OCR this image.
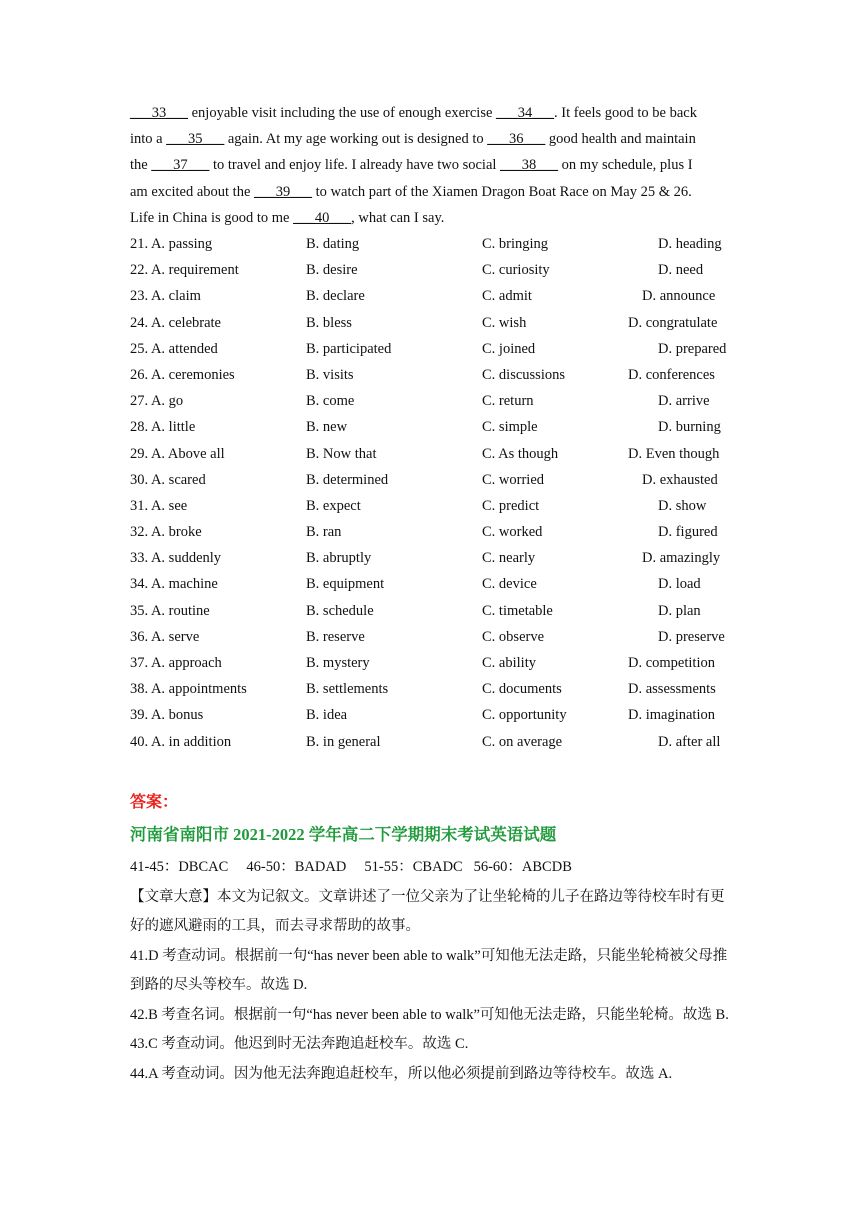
___33___ enjoyable visit including the use of enough exercise ___34___. It feels good to be back
into a ___35___ again. At my age working out is designed to ___36___ good health and maintain
the ___37___ to travel and enjoy life. I already have two social ___38___ on my schedule, plus I
am excited about the ___39___ to watch part of the Xiamen Dragon Boat Race on May 25 & 26.
Life in China is good to me ___40___, what can I say.
21. A. passing	B. dating	C. bringing	D. heading
22. A. requirement	B. desire	C. curiosity	D. need
23. A. claim	B. declare	C. admit	D. announce
24. A. celebrate	B. bless	C. wish	D. congratulate
25. A. attended	B. participated	C. joined	D. prepared
26. A. ceremonies	B. visits	C. discussions	D. conferences
27. A. go	B. come	C. return	D. arrive
28. A. little	B. new	C. simple	D. burning
29. A. Above all	B. Now that	C. As though	D. Even though
30. A. scared	B. determined	C. worried	D. exhausted
31. A. see	B. expect	C. predict	D. show
32. A. broke	B. ran	C. worked	D. figured
33. A. suddenly	B. abruptly	C. nearly	D. amazingly
34. A. machine	B. equipment	C. device	D. load
35. A. routine	B. schedule	C. timetable	D. plan
36. A. serve	B. reserve	C. observe	D. preserve
37. A. approach	B. mystery	C. ability	D. competition
38. A. appointments	B. settlements	C. documents	D. assessments
39. A. bonus	B. idea	C. opportunity	D. imagination
40. A. in addition	B. in general	C. on average	D. after all
答案：
河南省南阳市 2021-2022 学年高二下学期期末考试英语试题

41-45：DBCAC     46-50：BADAD     51-55：CBADC   56-60：ABCDB

【文章大意】本文为记叙文。文章讲述了一位父亲为了让坐轮椅的儿子在路边等待校车时有更好的遮风避雨的工具，而去寻求帮助的故事。

41.D 考查动词。根据前一句“has never been able to walk”可知他无法走路，只能坐轮椅被父母推到路的尽头等校车。故选 D.

42.B 考查名词。根据前一句“has never been able to walk”可知他无法走路，只能坐轮椅。故选 B.

43.C 考查动词。他迟到时无法奔跑追赶校车。故选 C.

44.A 考查动词。因为他无法奔跑追赶校车，所以他必须提前到路边等待校车。故选 A.
